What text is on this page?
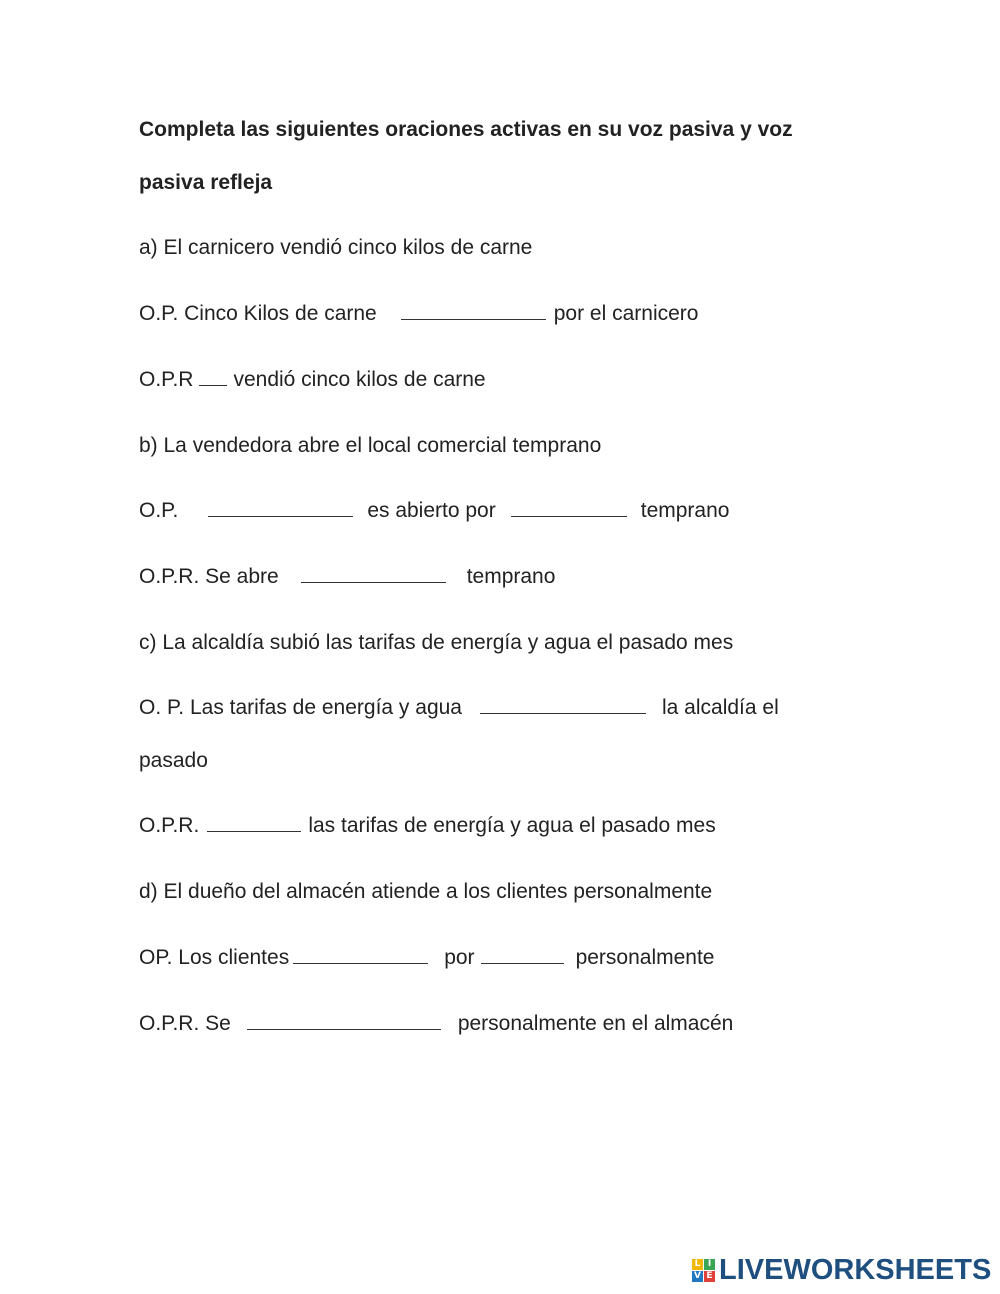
Completa las siguientes oraciones activas en su voz pasiva y voz
pasiva refleja
a) El carnicero vendió cinco kilos de carne
O.P. Cinco Kilos de carne	por el carnicero
O.P.R vendió cinco kilos de carne
b) La vendedora abre el local comercial temprano
O.P.	es abierto por	temprano
O.P.R. Se abre	temprano
c) La alcaldía subió las tarifas de energía y agua el pasado mes
O. P. Las tarifas de energía y agua	la alcaldía el
pasado
O.P.R.	las tarifas de energía y agua el pasado mes
d) El dueño del almacén atiende a los clientes personalmente
OP. Los clientes	por	personalmente
O.P.R. Se	personalmente en el almacén
L I
V E LIVEWORKSHEETS
